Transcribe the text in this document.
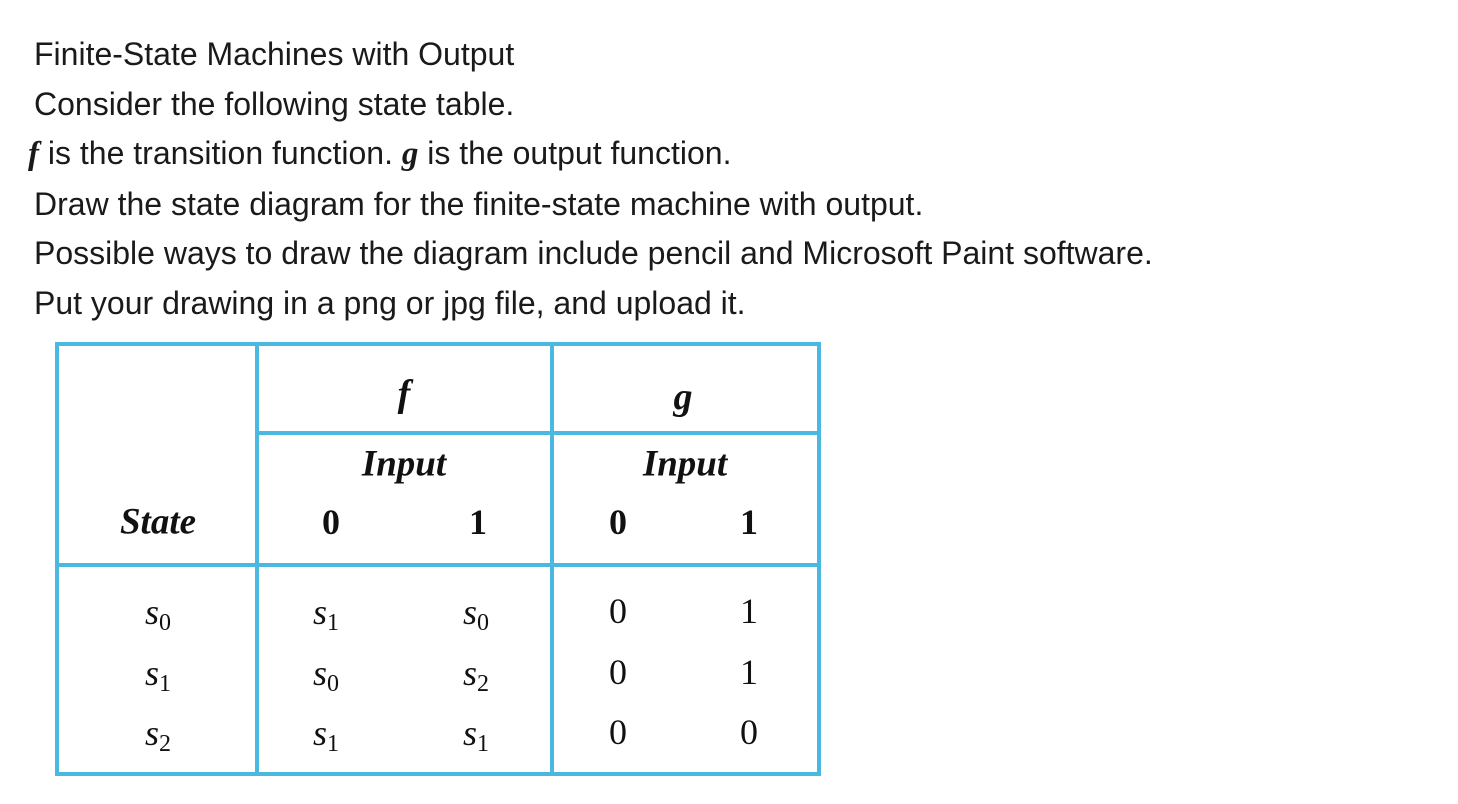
Finite-State Machines with Output
Consider the following state table.
f is the transition function. g is the output function.
Draw the state diagram for the finite-state machine with output.
Possible ways to draw the diagram include pencil and Microsoft Paint software.
Put your drawing in a png or jpg file, and upload it.
f	g
Input	Input
State	0	1	0	1
$s_0$	$s_1$	$s_0$	0	1
$s_1$	$s_0$	$s_2$	0	1
$s_2$	$s_1$	$s_1$	0	0
